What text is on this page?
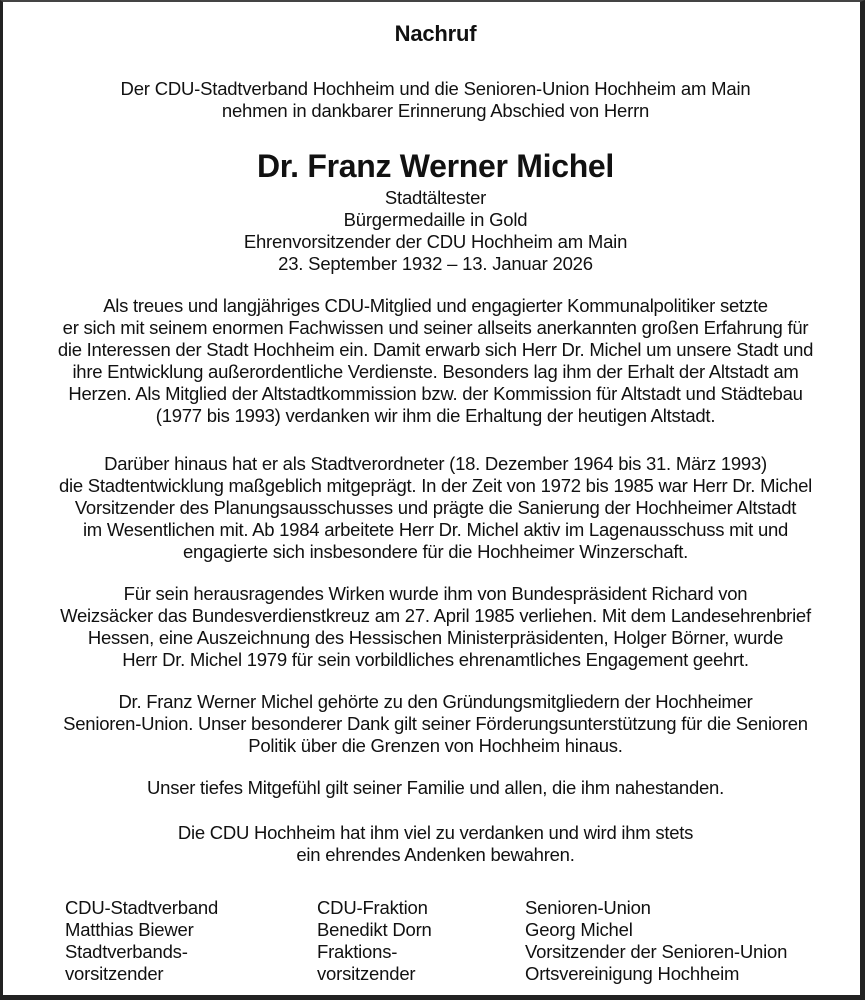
Nachruf
Der CDU-Stadtverband Hochheim und die Senioren-Union Hochheim am Main
nehmen in dankbarer Erinnerung Abschied von Herrn
Dr. Franz Werner Michel
Stadtältester
Bürgermedaille in Gold
Ehrenvorsitzender der CDU Hochheim am Main
23. September 1932 – 13. Januar 2026
Als treues und langjähriges CDU-Mitglied und engagierter Kommunalpolitiker setzte
er sich mit seinem enormen Fachwissen und seiner allseits anerkannten großen Erfahrung für
die Interessen der Stadt Hochheim ein. Damit erwarb sich Herr Dr. Michel um unsere Stadt und
ihre Entwicklung außerordentliche Verdienste. Besonders lag ihm der Erhalt der Altstadt am
Herzen. Als Mitglied der Altstadtkommission bzw. der Kommission für Altstadt und Städtebau
(1977 bis 1993) verdanken wir ihm die Erhaltung der heutigen Altstadt.
Darüber hinaus hat er als Stadtverordneter (18. Dezember 1964 bis 31. März 1993)
die Stadtentwicklung maßgeblich mitgeprägt. In der Zeit von 1972 bis 1985 war Herr Dr. Michel
Vorsitzender des Planungsausschusses und prägte die Sanierung der Hochheimer Altstadt
im Wesentlichen mit. Ab 1984 arbeitete Herr Dr. Michel aktiv im Lagenausschuss mit und
engagierte sich insbesondere für die Hochheimer Winzerschaft.
Für sein herausragendes Wirken wurde ihm von Bundespräsident Richard von
Weizsäcker das Bundesverdienstkreuz am 27. April 1985 verliehen. Mit dem Landesehrenbrief
Hessen, eine Auszeichnung des Hessischen Ministerpräsidenten, Holger Börner, wurde
Herr Dr. Michel 1979 für sein vorbildliches ehrenamtliches Engagement geehrt.
Dr. Franz Werner Michel gehörte zu den Gründungsmitgliedern der Hochheimer
Senioren-Union. Unser besonderer Dank gilt seiner Förderungsunterstützung für die Senioren
Politik über die Grenzen von Hochheim hinaus.
Unser tiefes Mitgefühl gilt seiner Familie und allen, die ihm nahestanden.
Die CDU Hochheim hat ihm viel zu verdanken und wird ihm stets
ein ehrendes Andenken bewahren.
CDU-Stadtverband
Matthias Biewer
Stadtverbands-
vorsitzender
CDU-Fraktion
Benedikt Dorn
Fraktions-
vorsitzender
Senioren-Union
Georg Michel
Vorsitzender der Senioren-Union
Ortsvereinigung Hochheim
